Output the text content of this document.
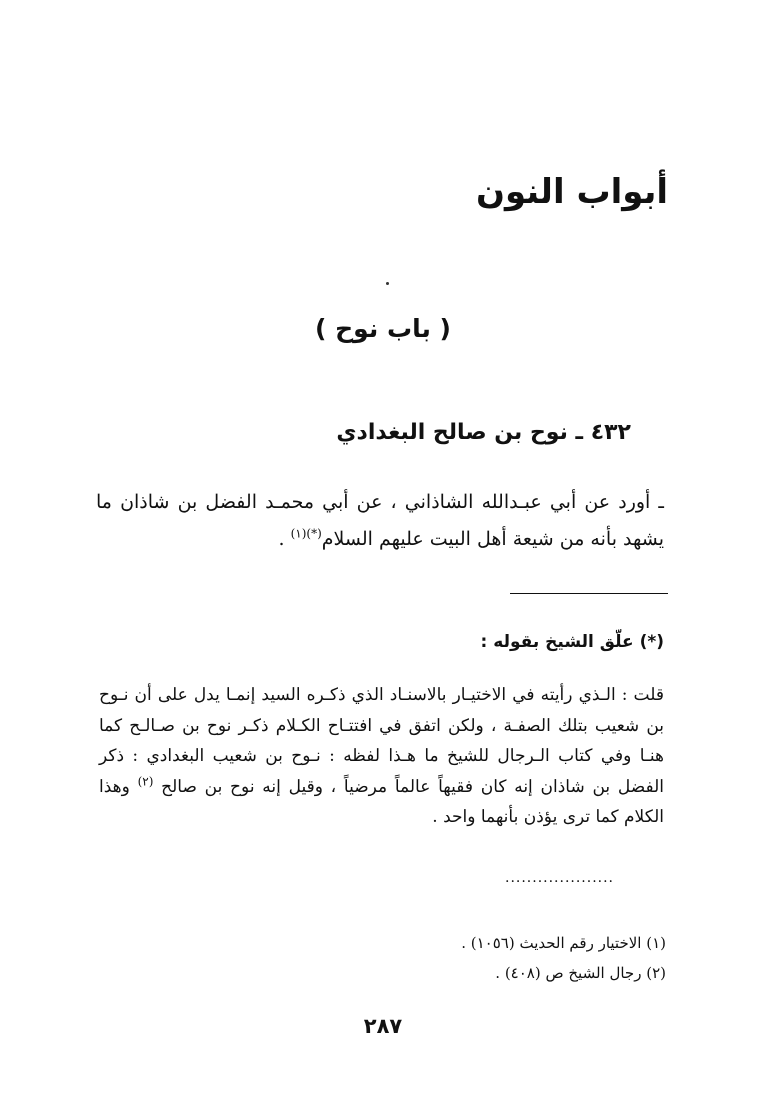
أبواب النون
( باب نوح )
٤٣٢ ـ نوح بن صالح البغدادي

ـ أورد عن أبي عبـدالله الشاذاني ، عن أبي محمـد الفضل بن شاذان ما يشهد بأنه من شيعة أهل البيت عليهم السلام$^{(*)(١)}$ .

(*) علّق الشيخ بقوله :

قلت : الـذي رأيته في الاختيـار بالاسنـاد الذي ذكـره السيد إنمـا يدل على أن نـوح بن شعيب بتلك الصفـة ، ولكن اتفق في افتتـاح الكـلام ذكـر نوح بن صـالـح كما هنـا وفي كتاب الـرجال للشيخ ما هـذا لفظه : نـوح بن شعيب البغدادي : ذكر الفضل بن شاذان إنه كان فقيهاً عالماً مرضياً ، وقيل إنه نوح بن صالح $^{(٢)}$ وهذا الكلام كما ترى يؤذن بأنهما واحد .

....................

(١) الاختيار رقم الحديث (١٠٥٦) .
(٢) رجال الشيخ ص (٤٠٨) .

٢٨٧
